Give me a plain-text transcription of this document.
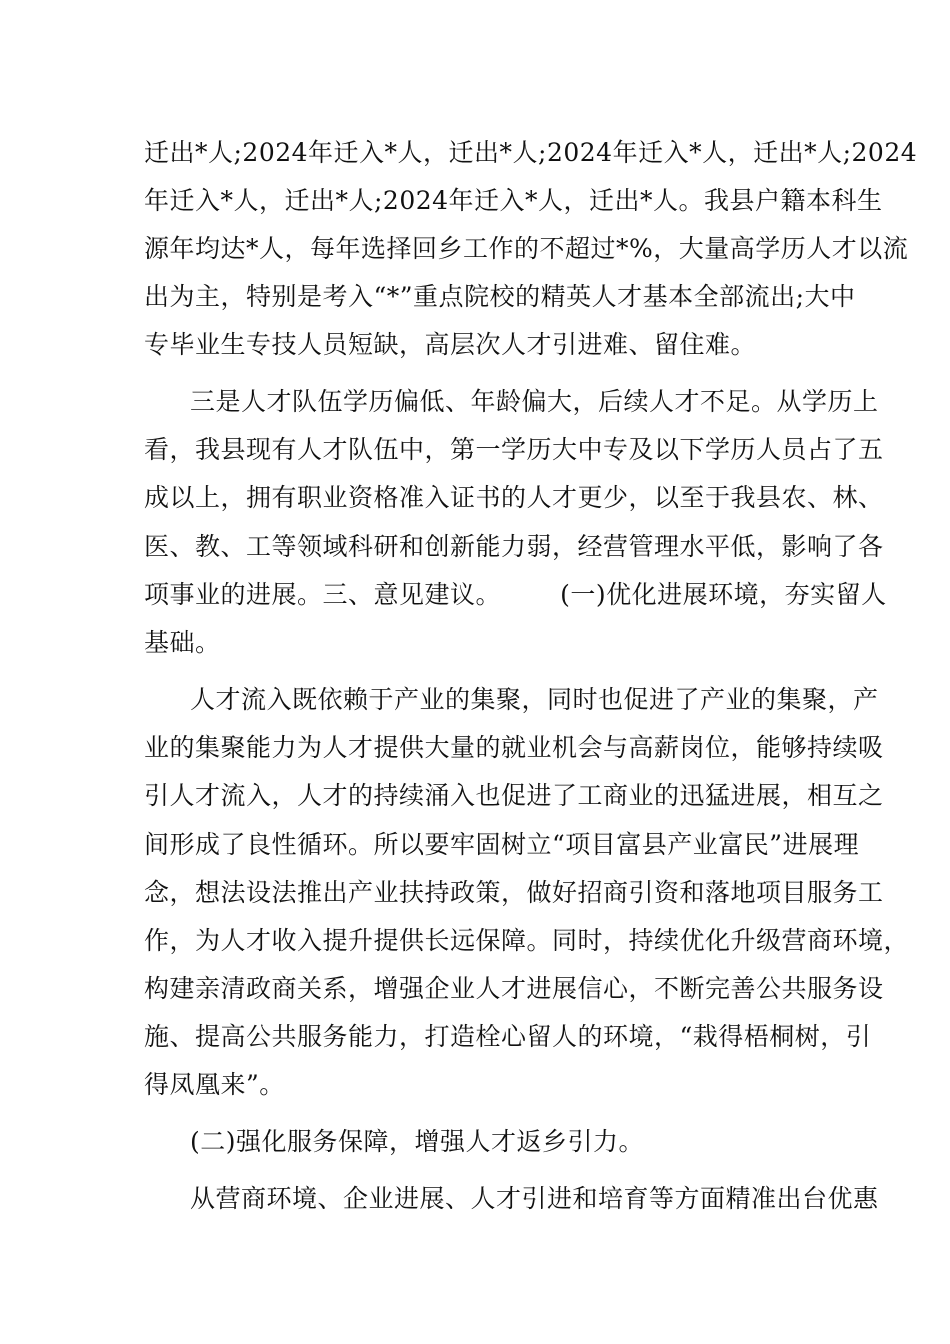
迁出*人;2024年迁入*人，迁出*人;2024年迁入*人，迁出*人;2024
年迁入*人，迁出*人;2024年迁入*人，迁出*人。我县户籍本科生
源年均达*人，每年选择回乡工作的不超过*%，大量高学历人才以流
出为主，特别是考入“*”重点院校的精英人才基本全部流出;大中
专毕业生专技人员短缺，高层次人才引进难、留住难。
三是人才队伍学历偏低、年龄偏大，后续人才不足。从学历上
看，我县现有人才队伍中，第一学历大中专及以下学历人员占了五
成以上，拥有职业资格准入证书的人才更少，以至于我县农、林、
医、教、工等领域科研和创新能力弱，经营管理水平低，影响了各
项事业的进展。三、意见建议。       (一)优化进展环境，夯实留人
基础。
人才流入既依赖于产业的集聚，同时也促进了产业的集聚，产
业的集聚能力为人才提供大量的就业机会与高薪岗位，能够持续吸
引人才流入，人才的持续涌入也促进了工商业的迅猛进展，相互之
间形成了良性循环。所以要牢固树立“项目富县产业富民”进展理
念，想法设法推出产业扶持政策，做好招商引资和落地项目服务工
作，为人才收入提升提供长远保障。同时，持续优化升级营商环境，
构建亲清政商关系，增强企业人才进展信心，不断完善公共服务设
施、提高公共服务能力，打造栓心留人的环境，“栽得梧桐树，引
得凤凰来”。
(二)强化服务保障，增强人才返乡引力。
从营商环境、企业进展、人才引进和培育等方面精准出台优惠
